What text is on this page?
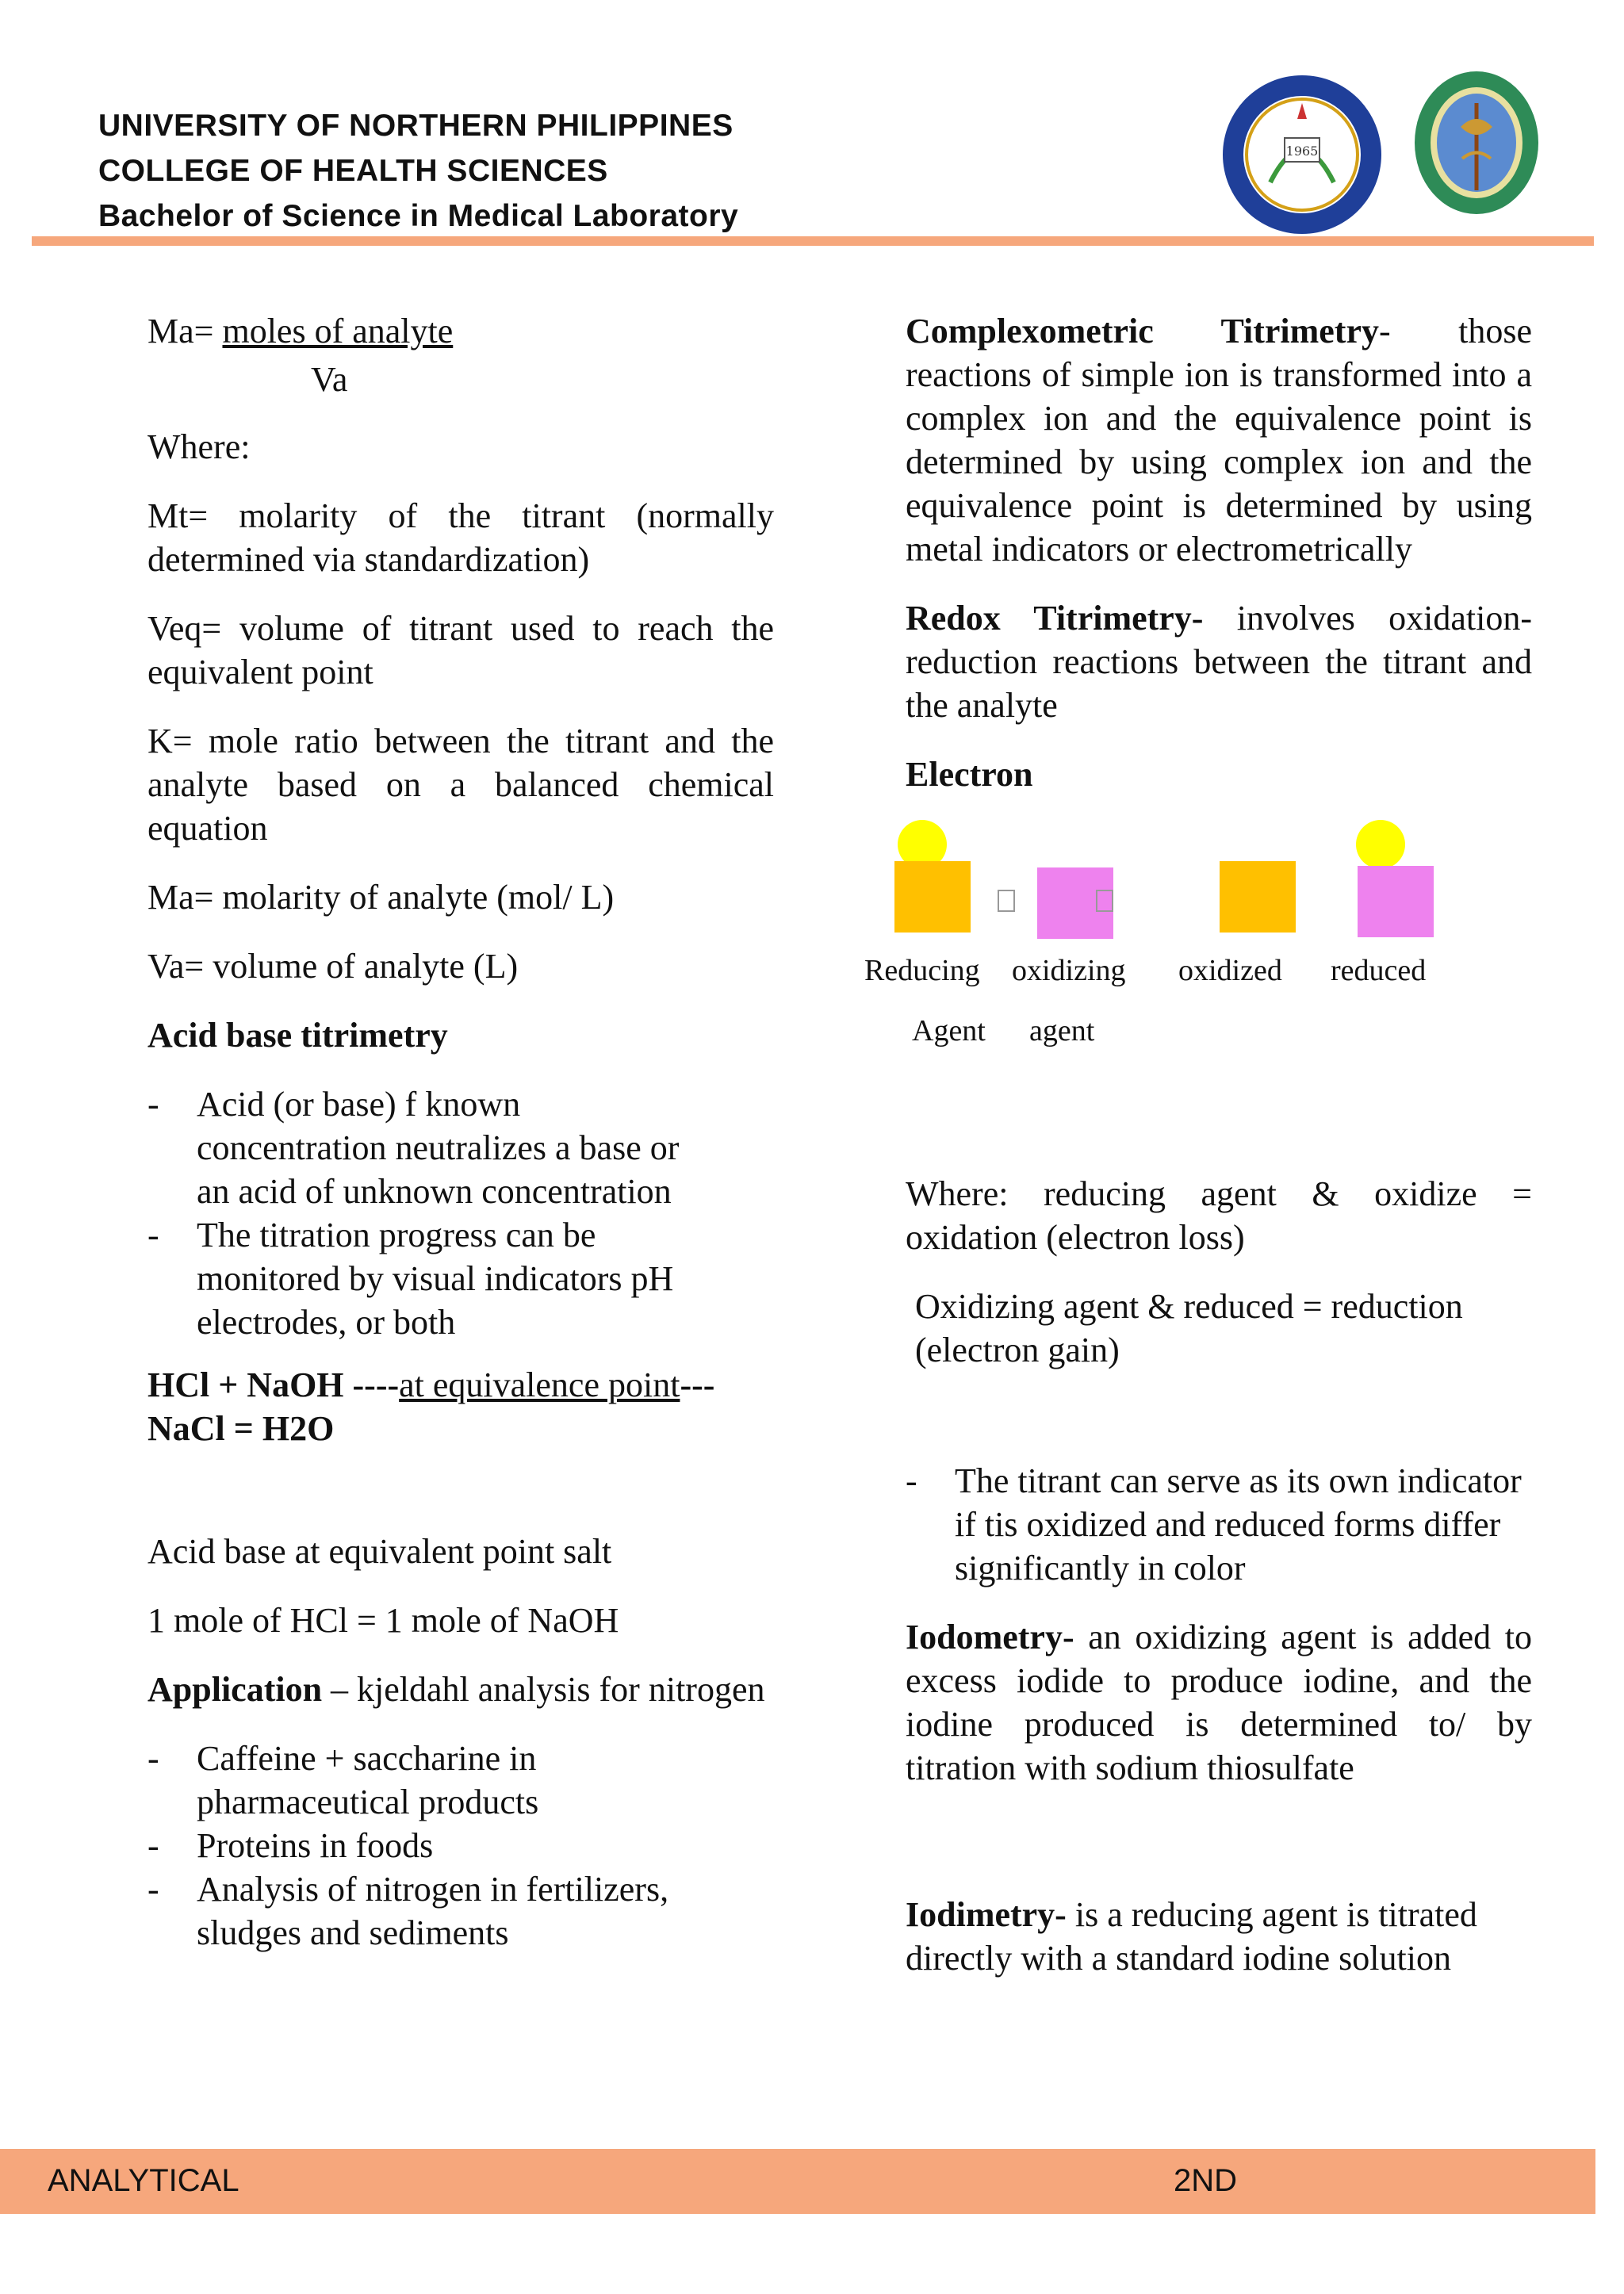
UNIVERSITY OF NORTHERN PHILIPPINES
COLLEGE OF HEALTH SCIENCES
Bachelor of Science in Medical Laboratory
1965

Ma= moles of analyte

Va

Where:

Mt= molarity of the titrant (normally determined via standardization)

Veq= volume of titrant used to reach the equivalent point

K= mole ratio between the titrant and the analyte based on a balanced chemical equation

Ma= molarity of analyte (mol/ L)

Va= volume of analyte (L)

Acid base titrimetry

- Acid (or base) f known concentration neutralizes a base or an acid of unknown concentration

- The titration progress can be monitored by visual indicators pH electrodes, or both

HCl + NaOH ----at equivalence point---
NaCl = H2O

Acid base at equivalent point salt

1 mole of HCl = 1 mole of NaOH

Application – kjeldahl analysis for nitrogen

- Caffeine + saccharine in pharmaceutical products

- Proteins in foods

- Analysis of nitrogen in fertilizers, sludges and sediments

Complexometric Titrimetry- those reactions of simple ion is transformed into a complex ion and the equivalence point is determined by using complex ion and the equivalence point is determined by using metal indicators or electrometrically

Redox Titrimetry- involves oxidation-reduction reactions between the titrant and the analyte

Electron

Reducing oxidizing oxidized reduced
Agent agent

Where: reducing agent & oxidize = oxidation (electron loss)

Oxidizing agent & reduced = reduction (electron gain)

- The titrant can serve as its own indicator if tis oxidized and reduced forms differ significantly in color

Iodometry- an oxidizing agent is added to excess iodide to produce iodine, and the iodine produced is determined to/ by titration with sodium thiosulfate

Iodimetry- is a reducing agent is titrated directly with a standard iodine solution

ANALYTICAL	2ND
